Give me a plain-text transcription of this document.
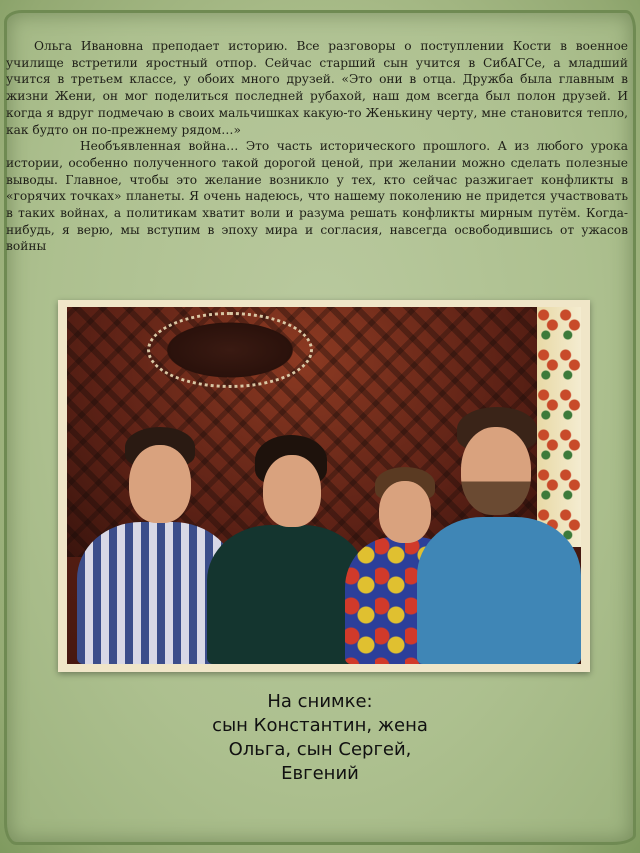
Ольга Ивановна преподает историю. Все разговоры о поступлении Кости в военное училище встретили яростный отпор. Сейчас старший сын учится в СибАГСе, а младший учится в третьем классе, у обоих много друзей. «Это они в отца. Дружба была главным в жизни Жени, он мог поделиться последней рубахой, наш дом всегда был полон друзей. И когда я вдруг подмечаю в своих мальчишках какую-то Женькину черту, мне становится тепло, как будто он по-прежнему рядом…»

Необъявленная война… Это часть исторического прошлого. А из любого урока истории, особенно полученного такой дорогой ценой, при желании можно сделать полезные выводы. Главное, чтобы это желание возникло у тех, кто сейчас разжигает конфликты в «горячих точках» планеты. Я очень надеюсь, что нашему поколению не придется участвовать в таких войнах, а политикам хватит воли и разума решать конфликты мирным путём. Когда-нибудь, я верю, мы вступим в эпоху мира и согласия, навсегда освободившись от ужасов войны

На снимке:
сын Константин, жена
Ольга, сын Сергей,
Евгений
